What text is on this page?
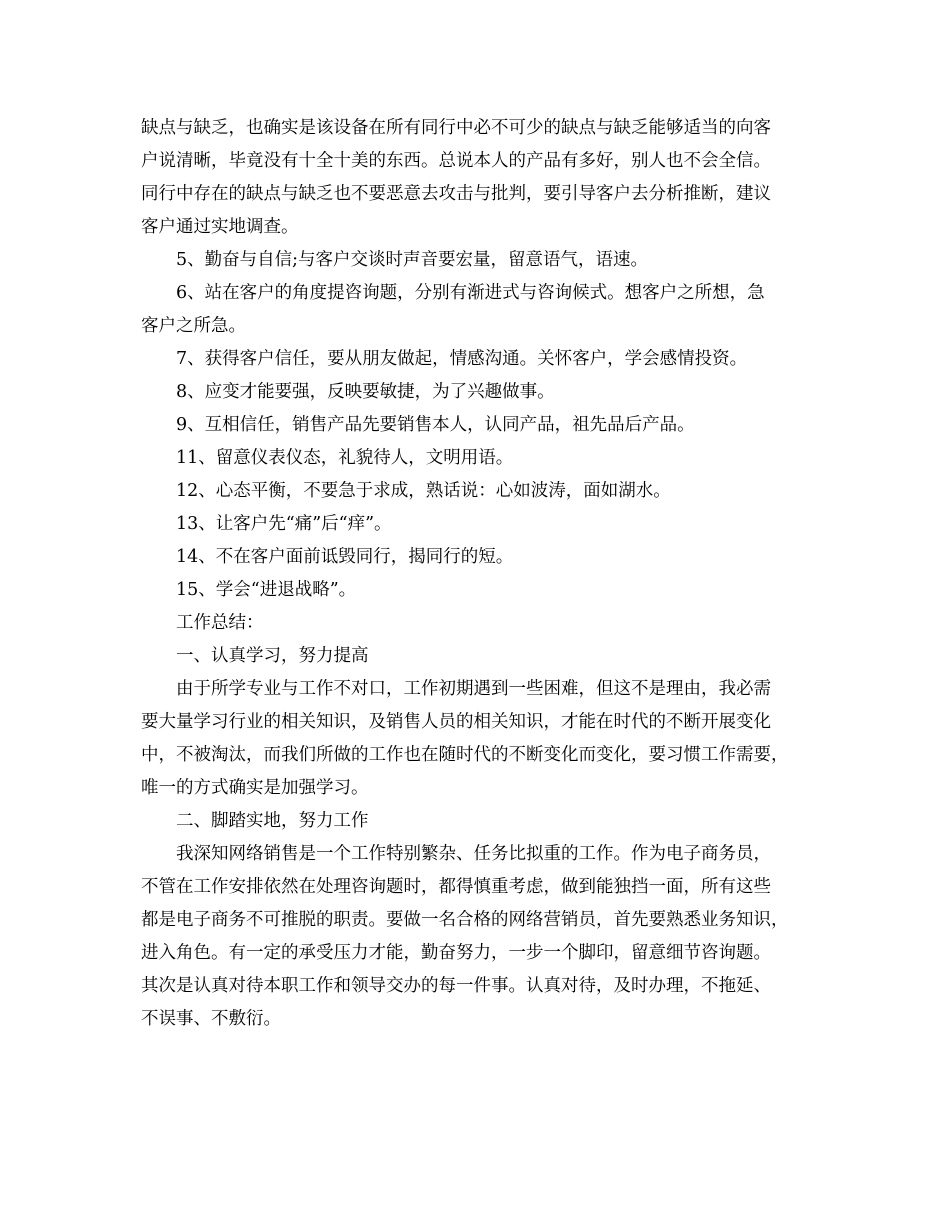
缺点与缺乏，也确实是该设备在所有同行中必不可少的缺点与缺乏能够适当的向客
户说清晰，毕竟没有十全十美的东西。总说本人的产品有多好，别人也不会全信。
同行中存在的缺点与缺乏也不要恶意去攻击与批判，要引导客户去分析推断，建议
客户通过实地调查。
5、勤奋与自信;与客户交谈时声音要宏量，留意语气，语速。
6、站在客户的角度提咨询题，分别有渐进式与咨询候式。想客户之所想，急
客户之所急。
7、获得客户信任，要从朋友做起，情感沟通。关怀客户，学会感情投资。
8、应变才能要强，反映要敏捷，为了兴趣做事。
9、互相信任，销售产品先要销售本人，认同产品，祖先品后产品。
11、留意仪表仪态，礼貌待人，文明用语。
12、心态平衡，不要急于求成，熟话说：心如波涛，面如湖水。
13、让客户先“痛”后“痒”。
14、不在客户面前诋毁同行，揭同行的短。
15、学会“进退战略”。
工作总结：
一、认真学习，努力提高
由于所学专业与工作不对口，工作初期遇到一些困难，但这不是理由，我必需
要大量学习行业的相关知识，及销售人员的相关知识，才能在时代的不断开展变化
中，不被淘汰，而我们所做的工作也在随时代的不断变化而变化，要习惯工作需要，
唯一的方式确实是加强学习。
二、脚踏实地，努力工作
我深知网络销售是一个工作特别繁杂、任务比拟重的工作。作为电子商务员，
不管在工作安排依然在处理咨询题时，都得慎重考虑，做到能独挡一面，所有这些
都是电子商务不可推脱的职责。要做一名合格的网络营销员，首先要熟悉业务知识，
进入角色。有一定的承受压力才能，勤奋努力，一步一个脚印，留意细节咨询题。
其次是认真对待本职工作和领导交办的每一件事。认真对待，及时办理，不拖延、
不误事、不敷衍。
